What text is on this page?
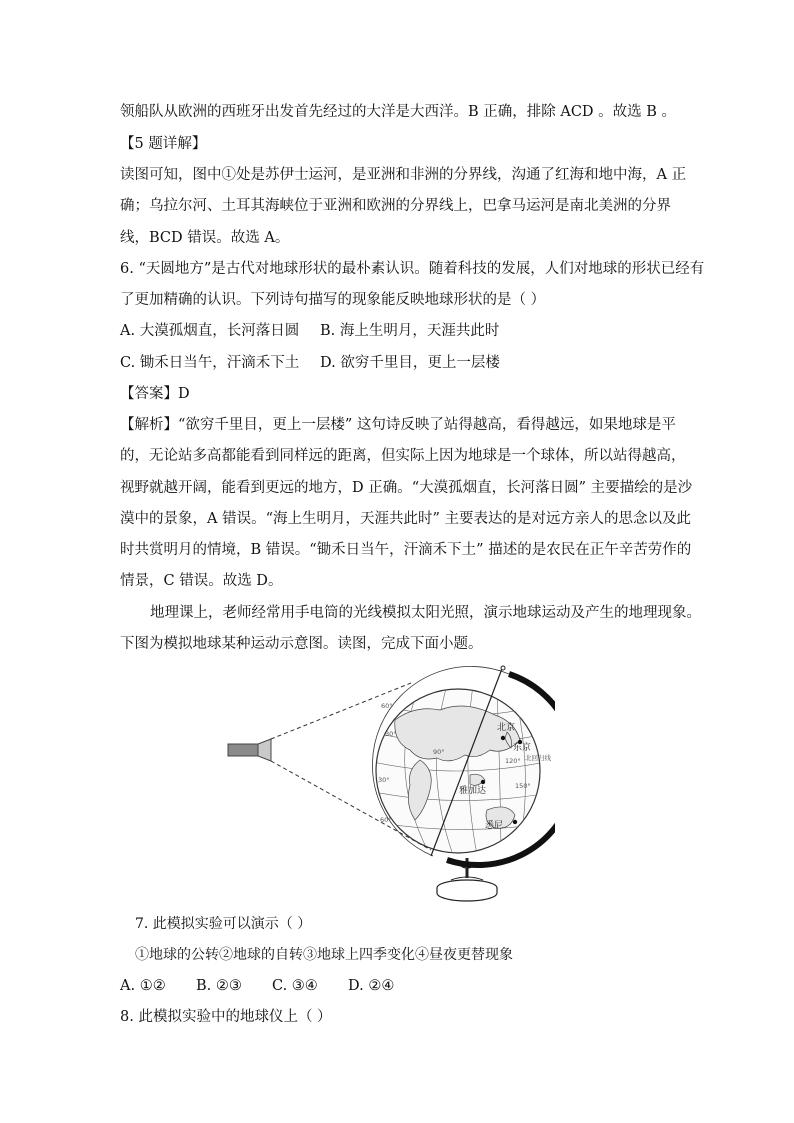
领船队从欧洲的西班牙出发首先经过的大洋是大西洋。B 正确，排除 ACD 。故选 B 。
【5 题详解】
读图可知，图中①处是苏伊士运河，是亚洲和非洲的分界线，沟通了红海和地中海，A 正
确；乌拉尔河、土耳其海峡位于亚洲和欧洲的分界线上，巴拿马运河是南北美洲的分界
线，BCD 错误。故选 A。
6. “天圆地方”是古代对地球形状的最朴素认识。随着科技的发展，人们对地球的形状已经有
了更加精确的认识。下列诗句描写的现象能反映地球形状的是（ ）
A. 大漠孤烟直，长河落日圆 B. 海上生明月，天涯共此时
C. 锄禾日当午，汗滴禾下土 D. 欲穷千里目，更上一层楼
【答案】D
【解析】“欲穷千里目，更上一层楼” 这句诗反映了站得越高，看得越远，如果地球是平
的，无论站多高都能看到同样远的距离，但实际上因为地球是一个球体，所以站得越高，
视野就越开阔，能看到更远的地方，D 正确。“大漠孤烟直，长河落日圆” 主要描绘的是沙
漠中的景象，A 错误。“海上生明月，天涯共此时” 主要表达的是对远方亲人的思念以及此
时共赏明月的情境，B 错误。“锄禾日当午，汗滴禾下土” 描述的是农民在正午辛苦劳作的
情景，C 错误。故选 D。
地理课上，老师经常用手电筒的光线模拟太阳光照，演示地球运动及产生的地理现象。
下图为模拟地球某种运动示意图。读图，完成下面小题。
北京
东京
雅加达
悉尼
30°
60°
90°
120°
150°
60°
30°
北回归线
7. 此模拟实验可以演示（ ）
①地球的公转②地球的自转③地球上四季变化④昼夜更替现象
A. ①② B. ②③ C. ③④ D. ②④
8. 此模拟实验中的地球仪上（ ）
